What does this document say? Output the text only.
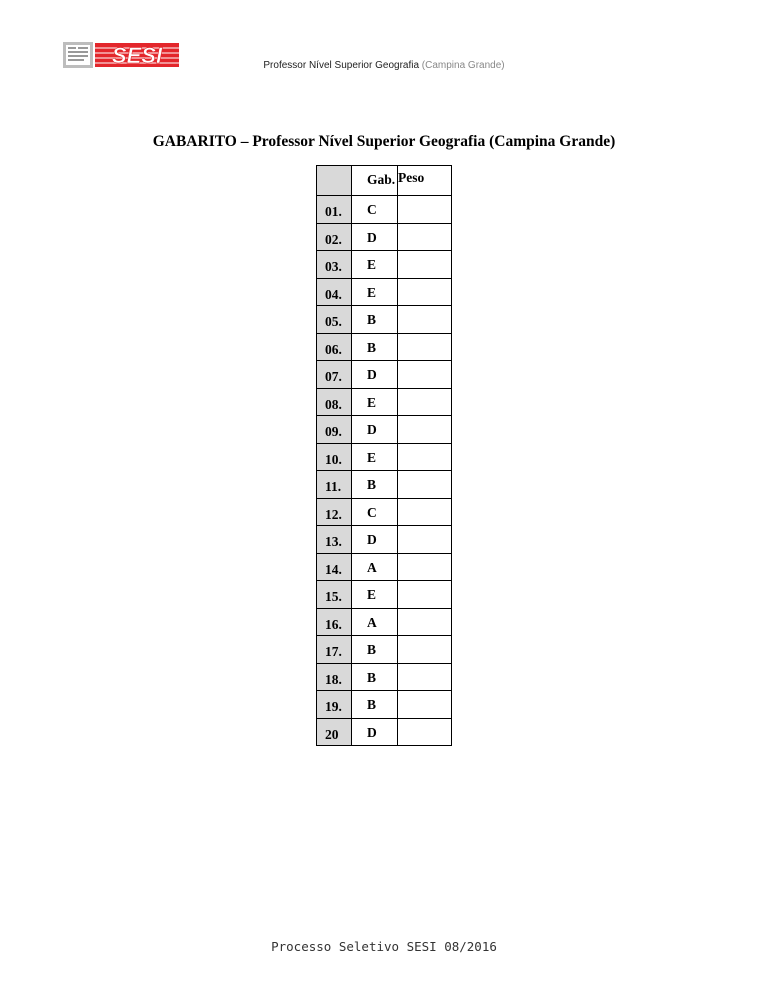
SESI	Professor Nível Superior Geografia (Campina Grande)
GABARITO – Professor Nível Superior Geografia (Campina Grande)
	Gab.	Peso
01.	C	
02.	D	
03.	E	
04.	E	
05.	B	
06.	B	
07.	D	
08.	E	
09.	D	
10.	E	
11.	B	
12.	C	
13.	D	
14.	A	
15.	E	
16.	A	
17.	B	
18.	B	
19.	B	
20	D	
Processo Seletivo SESI 08/2016
